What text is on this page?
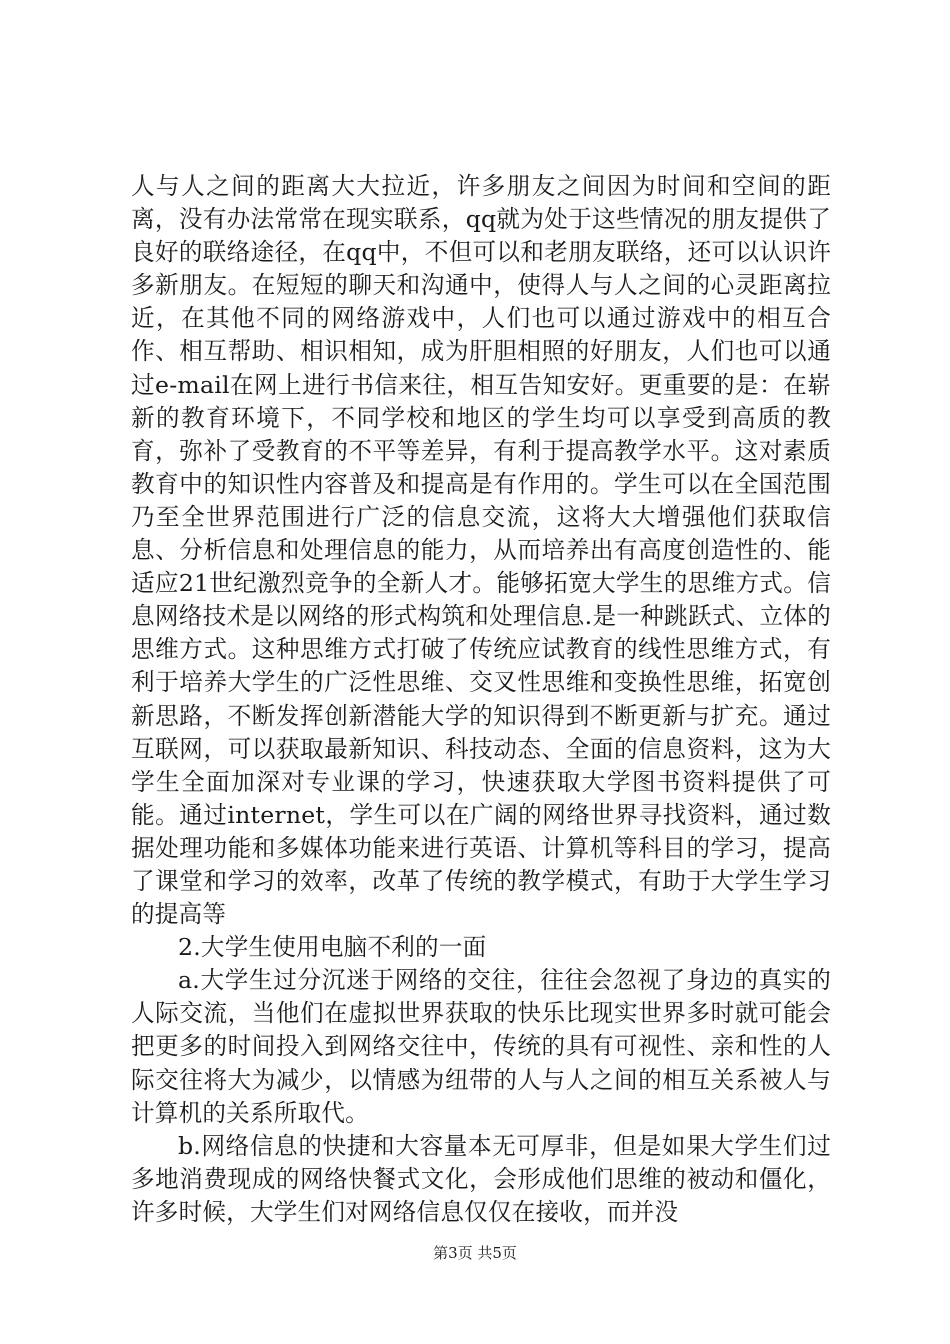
人与人之间的距离大大拉近，许多朋友之间因为时间和空间的距离，没有办法常常在现实联系，qq就为处于这些情况的朋友提供了良好的联络途径，在qq中，不但可以和老朋友联络，还可以认识许多新朋友。在短短的聊天和沟通中，使得人与人之间的心灵距离拉近，在其他不同的网络游戏中，人们也可以通过游戏中的相互合作、相互帮助、相识相知，成为肝胆相照的好朋友，人们也可以通过e-mail在网上进行书信来往，相互告知安好。更重要的是：在崭新的教育环境下，不同学校和地区的学生均可以享受到高质的教育，弥补了受教育的不平等差异，有利于提高教学水平。这对素质教育中的知识性内容普及和提高是有作用的。学生可以在全国范围乃至全世界范围进行广泛的信息交流，这将大大增强他们获取信息、分析信息和处理信息的能力，从而培养出有高度创造性的、能适应21世纪激烈竞争的全新人才。能够拓宽大学生的思维方式。信息网络技术是以网络的形式构筑和处理信息.是一种跳跃式、立体的思维方式。这种思维方式打破了传统应试教育的线性思维方式，有利于培养大学生的广泛性思维、交叉性思维和变换性思维，拓宽创新思路，不断发挥创新潜能大学的知识得到不断更新与扩充。通过互联网，可以获取最新知识、科技动态、全面的信息资料，这为大学生全面加深对专业课的学习，快速获取大学图书资料提供了可能。通过internet，学生可以在广阔的网络世界寻找资料，通过数据处理功能和多媒体功能来进行英语、计算机等科目的学习，提高了课堂和学习的效率，改革了传统的教学模式，有助于大学生学习的提高等

2.大学生使用电脑不利的一面

a.大学生过分沉迷于网络的交往，往往会忽视了身边的真实的人际交流，当他们在虚拟世界获取的快乐比现实世界多时就可能会把更多的时间投入到网络交往中，传统的具有可视性、亲和性的人际交往将大为减少，以情感为纽带的人与人之间的相互关系被人与计算机的关系所取代。

b.网络信息的快捷和大容量本无可厚非，但是如果大学生们过多地消费现成的网络快餐式文化，会形成他们思维的被动和僵化，许多时候，大学生们对网络信息仅仅在接收，而并没

第3页 共5页
